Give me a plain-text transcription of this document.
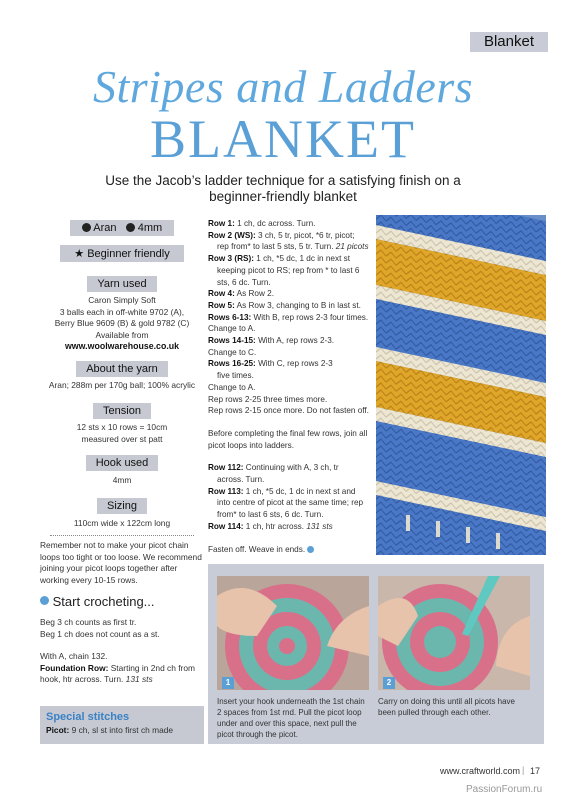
Blanket
Stripes and Ladders
BLANKET
Use the Jacob’s ladder technique for a satisfying finish on a beginner-friendly blanket
Aran 4mm
★ Beginner friendly
Yarn used
Caron Simply Soft
3 balls each in off-white 9702 (A),
Berry Blue 9609 (B) & gold 9782 (C)
Available from
www.woolwarehouse.co.uk
About the yarn
Aran; 288m per 170g ball; 100% acrylic
Tension
12 sts x 10 rows = 10cm
measured over st patt
Hook used
4mm
Sizing
110cm wide x 122cm long
Remember not to make your picot chain loops too tight or too loose. We recommend joining your picot loops together after working every 10-15 rows.
Start crocheting...
Beg 3 ch counts as first tr.
Beg 1 ch does not count as a st.
With A, chain 132.
Foundation Row: Starting in 2nd ch from hook, htr across. Turn. 131 sts
Special stitches
Picot: 9 ch, sl st into first ch made

Row 1: 1 ch, dc across. Turn.

Row 2 (WS): 3 ch, 5 tr, picot, *6 tr, picot;
rep from* to last 5 sts, 5 tr. Turn. 21 picots

Row 3 (RS): 1 ch, *5 dc, 1 dc in next st
keeping picot to RS; rep from * to last 6 sts, 6 dc. Turn.

Row 4: As Row 2.

Row 5: As Row 3, changing to B in last st.

Rows 6-13: With B, rep rows 2-3 four times.

Change to A.

Rows 14-15: With A, rep rows 2-3.

Change to C.

Rows 16-25: With C, rep rows 2-3
five times.

Change to A.

Rep rows 2-25 three times more.

Rep rows 2-15 once more. Do not fasten off.

Before completing the final few rows, join all picot loops into ladders.

Row 112: Continuing with A, 3 ch, tr
across. Turn.

Row 113: 1 ch, *5 dc, 1 dc in next st and
into centre of picot at the same time; rep from* to last 6 sts, 6 dc. Turn.

Row 114: 1 ch, htr across. 131 sts

Fasten off. Weave in ends.

1	2
Insert your hook underneath the 1st chain 2 spaces from 1st rnd. Pull the picot loop under and over this space, next pull the picot through the picot.
Carry on doing this until all picots have been pulled through each other.
www.craftworld.com | 17
PassionForum.ru
